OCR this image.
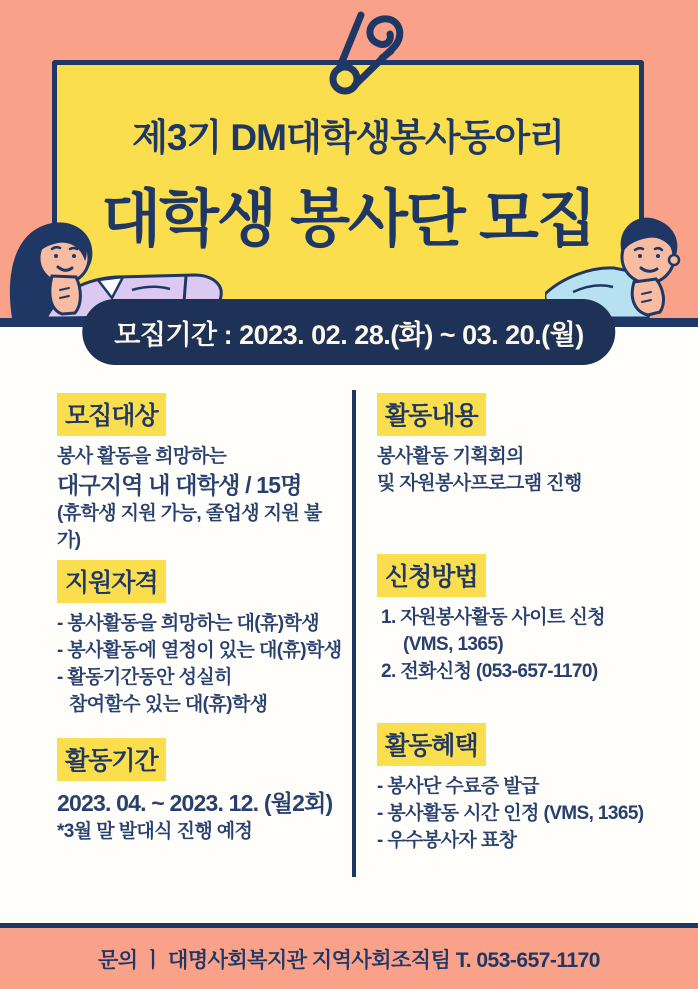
제3기 DM대학생봉사동아리
대학생 봉사단 모집
모집기간 : 2023. 02. 28.(화) ~ 03. 20.(월)
모집대상
봉사 활동을 희망하는
대구지역 내 대학생 / 15명
(휴학생 지원 가능, 졸업생 지원 불가)
지원자격
- 봉사활동을 희망하는 대(휴)학생
- 봉사활동에 열정이 있는 대(휴)학생
- 활동기간동안 성실히
참여할수 있는 대(휴)학생
활동기간
2023. 04. ~ 2023. 12. (월2회)
*3월 말 발대식 진행 예정
활동내용
봉사활동 기획회의
및 자원봉사프로그램 진행
신청방법
1. 자원봉사활동 사이트 신청
(VMS, 1365)
2. 전화신청 (053-657-1170)
활동혜택
- 봉사단 수료증 발급
- 봉사활동 시간 인정 (VMS, 1365)
- 우수봉사자 표창
문의 ㅣ 대명사회복지관 지역사회조직팀 T. 053-657-1170
